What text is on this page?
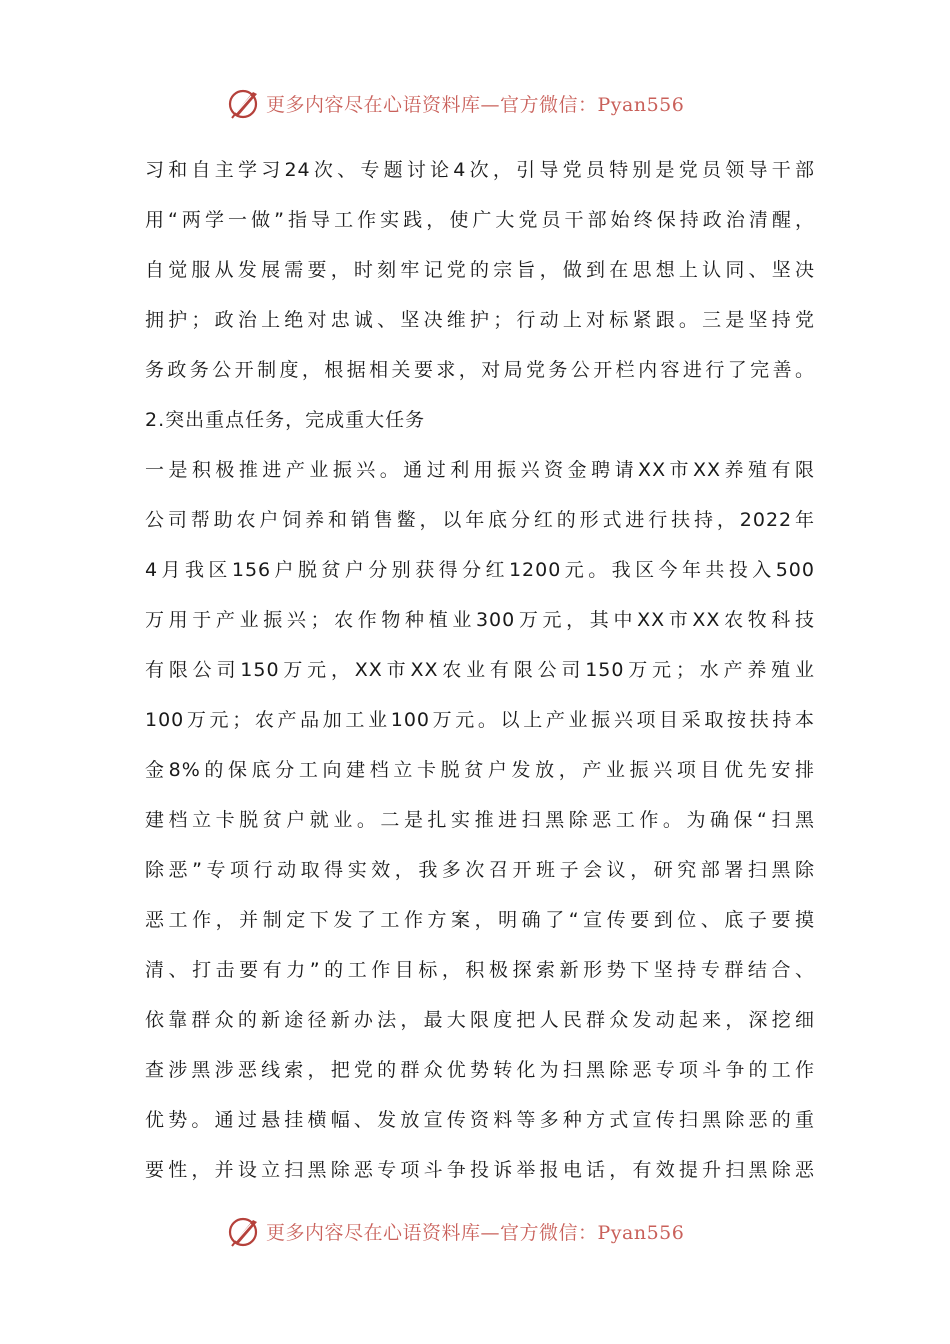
更多内容尽在心语资料库—官方微信：Pyan556
习和自主学习24次、专题讨论4次，引导党员特别是党员领导干部
用“两学一做”指导工作实践，使广大党员干部始终保持政治清醒，
自觉服从发展需要，时刻牢记党的宗旨，做到在思想上认同、坚决
拥护；政治上绝对忠诚、坚决维护；行动上对标紧跟。三是坚持党
务政务公开制度，根据相关要求，对局党务公开栏内容进行了完善。
2.突出重点任务，完成重大任务
一是积极推进产业振兴。通过利用振兴资金聘请XX市XX养殖有限
公司帮助农户饲养和销售鳖，以年底分红的形式进行扶持，2022年
4月我区156户脱贫户分别获得分红1200元。我区今年共投入500
万用于产业振兴；农作物种植业300万元，其中XX市XX农牧科技
有限公司150万元，XX市XX农业有限公司150万元；水产养殖业
100万元；农产品加工业100万元。以上产业振兴项目采取按扶持本
金8%的保底分工向建档立卡脱贫户发放，产业振兴项目优先安排
建档立卡脱贫户就业。二是扎实推进扫黑除恶工作。为确保“扫黑
除恶”专项行动取得实效，我多次召开班子会议，研究部署扫黑除
恶工作，并制定下发了工作方案，明确了“宣传要到位、底子要摸
清、打击要有力”的工作目标，积极探索新形势下坚持专群结合、
依靠群众的新途径新办法，最大限度把人民群众发动起来，深挖细
查涉黑涉恶线索，把党的群众优势转化为扫黑除恶专项斗争的工作
优势。通过悬挂横幅、发放宣传资料等多种方式宣传扫黑除恶的重
要性，并设立扫黑除恶专项斗争投诉举报电话，有效提升扫黑除恶
更多内容尽在心语资料库—官方微信：Pyan556
